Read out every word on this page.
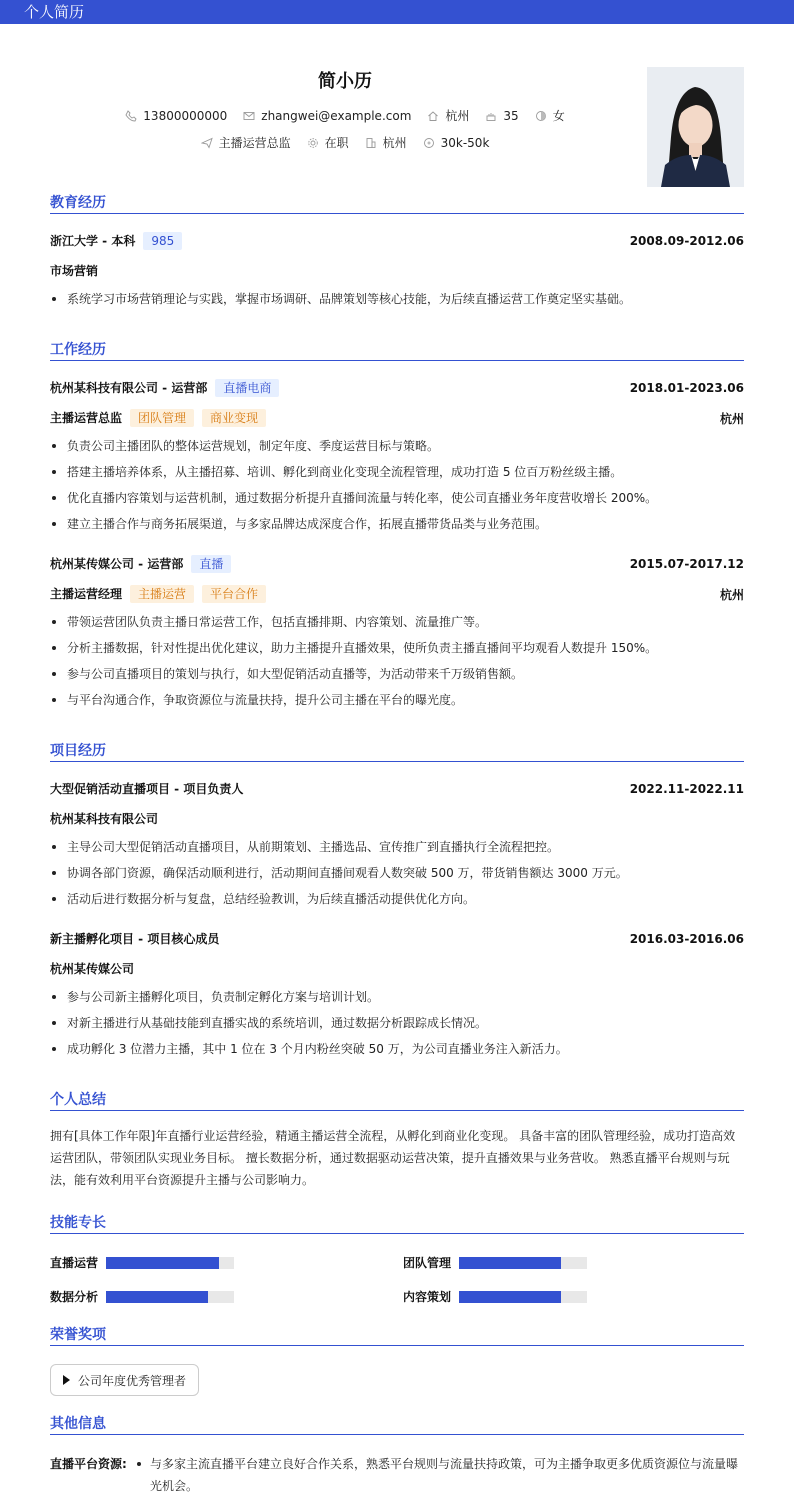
个人简历
简小历
13800000000	zhangwei@example.com	杭州	35	女
主播运营总监	在职	杭州	30k-50k
教育经历
浙江大学 - 本科 985	2008.09-2012.06
市场营销
系统学习市场营销理论与实践，掌握市场调研、品牌策划等核心技能，为后续直播运营工作奠定坚实基础。
工作经历
杭州某科技有限公司 - 运营部 直播电商	2018.01-2023.06
主播运营总监 团队管理 商业变现	杭州
负责公司主播团队的整体运营规划，制定年度、季度运营目标与策略。
搭建主播培养体系，从主播招募、培训、孵化到商业化变现全流程管理，成功打造 5 位百万粉丝级主播。
优化直播内容策划与运营机制，通过数据分析提升直播间流量与转化率，使公司直播业务年度营收增长 200%。
建立主播合作与商务拓展渠道，与多家品牌达成深度合作，拓展直播带货品类与业务范围。
杭州某传媒公司 - 运营部 直播	2015.07-2017.12
主播运营经理 主播运营 平台合作	杭州
带领运营团队负责主播日常运营工作，包括直播排期、内容策划、流量推广等。
分析主播数据，针对性提出优化建议，助力主播提升直播效果，使所负责主播直播间平均观看人数提升 150%。
参与公司直播项目的策划与执行，如大型促销活动直播等，为活动带来千万级销售额。
与平台沟通合作，争取资源位与流量扶持，提升公司主播在平台的曝光度。
项目经历
大型促销活动直播项目 - 项目负责人	2022.11-2022.11
杭州某科技有限公司
主导公司大型促销活动直播项目，从前期策划、主播选品、宣传推广到直播执行全流程把控。
协调各部门资源，确保活动顺利进行，活动期间直播间观看人数突破 500 万，带货销售额达 3000 万元。
活动后进行数据分析与复盘，总结经验教训，为后续直播活动提供优化方向。
新主播孵化项目 - 项目核心成员	2016.03-2016.06
杭州某传媒公司
参与公司新主播孵化项目，负责制定孵化方案与培训计划。
对新主播进行从基础技能到直播实战的系统培训，通过数据分析跟踪成长情况。
成功孵化 3 位潜力主播，其中 1 位在 3 个月内粉丝突破 50 万，为公司直播业务注入新活力。
个人总结
拥有[具体工作年限]年直播行业运营经验，精通主播运营全流程，从孵化到商业化变现。 具备丰富的团队管理经验，成功打造高效运营团队，带领团队实现业务目标。 擅长数据分析，通过数据驱动运营决策，提升直播效果与业务营收。 熟悉直播平台规则与玩法，能有效利用平台资源提升主播与公司影响力。
技能专长
直播运营	团队管理
数据分析	内容策划
荣誉奖项
公司年度优秀管理者
其他信息
直播平台资源:	与多家主流直播平台建立良好合作关系，熟悉平台规则与流量扶持政策，可为主播争取更多优质资源位与流量曝光机会。
